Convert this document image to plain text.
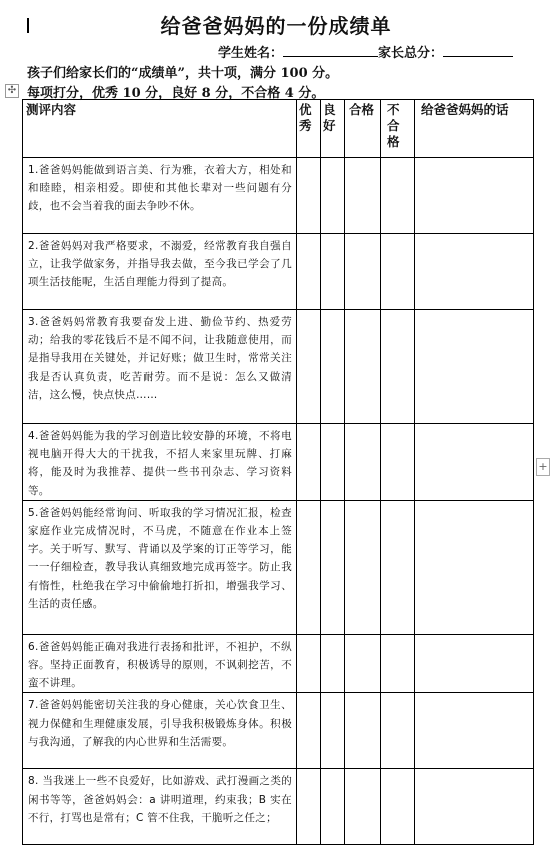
给爸爸妈妈的一份成绩单
学生姓名：	家长总分：
孩子们给家长们的“成绩单”，共十项，满分 100 分。
✣ 每项打分，优秀 10 分，良好 8 分，不合格 4 分。
测评内容	优秀	良好	合格	不合格	给爸爸妈妈的话
1.爸爸妈妈能做到语言美、行为雅，衣着大方，相处和和睦睦，相亲相爱。即使和其他长辈对一些问题有分歧，也不会当着我的面去争吵不休。					
2.爸爸妈妈对我严格要求，不溺爱，经常教育我自强自立，让我学做家务，并指导我去做，至今我已学会了几项生活技能呢，生活自理能力得到了提高。					
3.爸爸妈妈常教育我要奋发上进、勤俭节约、热爱劳动；给我的零花钱后不是不闻不问，让我随意使用，而是指导我用在关键处，并记好账；做卫生时，常常关注我是否认真负责，吃苦耐劳。而不是说：怎么又做清洁，这么慢，快点快点……					
4.爸爸妈妈能为我的学习创造比较安静的环境，不将电视电脑开得大大的干扰我，不招人来家里玩牌、打麻将，能及时为我推荐、提供一些书刊杂志、学习资料等。					
5.爸爸妈妈能经常询问、听取我的学习情况汇报，检查家庭作业完成情况时，不马虎，不随意在作业本上签字。关于听写、默写、背诵以及学案的订正等学习，能一一仔细检查，教导我认真细致地完成再签字。防止我有惰性，杜绝我在学习中偷偷地打折扣，增强我学习、生活的责任感。					
6.爸爸妈妈能正确对我进行表扬和批评，不袒护，不纵容。坚持正面教育，积极诱导的原则，不讽刺挖苦，不蛮不讲理。					
7.爸爸妈妈能密切关注我的身心健康，关心饮食卫生、视力保健和生理健康发展，引导我积极锻炼身体。积极与我沟通，了解我的内心世界和生活需要。					
8. 当我迷上一些不良爱好，比如游戏、武打漫画之类的闲书等等，爸爸妈妈会：a 讲明道理，约束我；B 实在不行，打骂也是常有；C 管不住我，干脆听之任之；					
+
